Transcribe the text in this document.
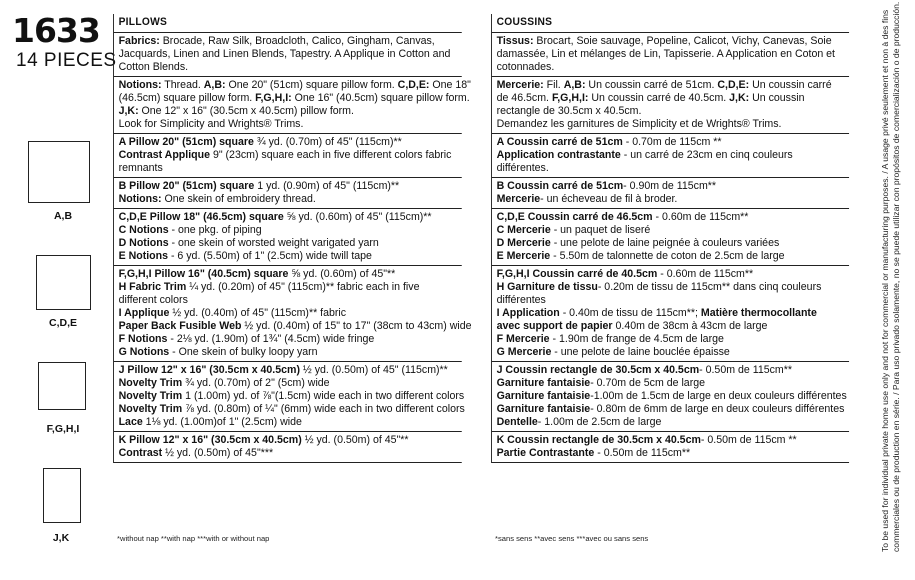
1633
14 PIECES
A,B
C,D,E
F,G,H,I
J,K
PILLOWS
Fabrics: Brocade, Raw Silk, Broadcloth, Calico, Gingham, Canvas,
Jacquards, Linen and Linen Blends, Tapestry. A Applique in Cotton and
Cotton Blends.
Notions: Thread. A,B: One 20" (51cm) square pillow form. C,D,E: One 18"
(46.5cm) square pillow form. F,G,H,I: One 16" (40.5cm) square pillow form.
J,K: One 12" x 16" (30.5cm x 40.5cm) pillow form.
Look for Simplicity and Wrights® Trims.
A Pillow 20" (51cm) square ¾ yd. (0.70m) of 45" (115cm)**
Contrast Applique 9" (23cm) square each in five different colors fabric
remnants
B Pillow 20" (51cm) square 1 yd. (0.90m) of 45" (115cm)**
Notions: One skein of embroidery thread.
C,D,E Pillow 18" (46.5cm) square ⅝ yd. (0.60m) of 45" (115cm)**
C Notions - one pkg. of piping
D Notions - one skein of worsted weight varigated yarn
E Notions - 6 yd. (5.50m) of 1" (2.5cm) wide twill tape
F,G,H,I Pillow 16" (40.5cm) square ⅝ yd. (0.60m) of 45"**
H Fabric Trim ¼ yd. (0.20m) of 45" (115cm)** fabric each in five
different colors
I Applique ½ yd. (0.40m) of 45" (115cm)** fabric
Paper Back Fusible Web ½ yd. (0.40m) of 15" to 17" (38cm to 43cm) wide
F Notions - 2⅛ yd. (1.90m) of 1¾" (4.5cm) wide fringe
G Notions - One skein of bulky loopy yarn
J Pillow 12" x 16" (30.5cm x 40.5cm) ½ yd. (0.50m) of 45" (115cm)**
Novelty Trim ¾ yd. (0.70m) of 2" (5cm) wide
Novelty Trim 1 (1.00m) yd. of ⅞"(1.5cm) wide each in two different colors
Novelty Trim ⅞ yd. (0.80m) of ¼" (6mm) wide each in two different colors
Lace 1⅛ yd. (1.00m)of 1" (2.5cm) wide
K Pillow 12" x 16" (30.5cm x 40.5cm) ½ yd. (0.50m) of 45"**
Contrast ½ yd. (0.50m) of 45"***
COUSSINS
Tissus: Brocart, Soie sauvage, Popeline, Calicot, Vichy, Canevas, Soie
damassée, Lin et mélanges de Lin, Tapisserie. A Application en Coton et
cotonnades.
Mercerie: Fil. A,B: Un coussin carré de 51cm. C,D,E: Un coussin carré
de 46.5cm. F,G,H,I: Un coussin carré de 40.5cm. J,K: Un coussin
rectangle de 30.5cm x 40.5cm.
Demandez les garnitures de Simplicity et de Wrights® Trims.
A Coussin carré de 51cm - 0.70m de 115cm **
Application contrastante - un carré de 23cm en cinq couleurs
différentes.
B Coussin carré de 51cm- 0.90m de 115cm**
Mercerie- un écheveau de fil à broder.
C,D,E Coussin carré de 46.5cm - 0.60m de 115cm**
C Mercerie - un paquet de liseré
D Mercerie - une pelote de laine peignée à couleurs variées
E Mercerie - 5.50m de talonnette de coton de 2.5cm de large
F,G,H,I Coussin carré de 40.5cm - 0.60m de 115cm**
H Garniture de tissu- 0.20m de tissu de 115cm** dans cinq couleurs
différentes
I Application - 0.40m de tissu de 115cm**; Matière thermocollante
avec support de papier 0.40m de 38cm à 43cm de large
F Mercerie - 1.90m de frange de 4.5cm de large
G Mercerie - une pelote de laine bouclée épaisse
J Coussin rectangle de 30.5cm x 40.5cm- 0.50m de 115cm**
Garniture fantaisie- 0.70m de 5cm de large
Garniture fantaisie-1.00m de 1.5cm de large en deux couleurs différentes
Garniture fantaisie- 0.80m de 6mm de large en deux couleurs différentes
Dentelle- 1.00m de 2.5cm de large
K Coussin rectangle de 30.5cm x 40.5cm- 0.50m de 115cm **
Partie Contrastante - 0.50m de 115cm**
*without nap **with nap ***with or without nap	*sans sens **avec sens ***avec ou sans sens	To be used for individual private home use only and not for commercial or manufacturing purposes. / A usage privé seulement et non à des fins commerciales ou de production en série. / Para uso privado solamente, no se puede utilizar con propósitos de comercialización o de producción.
